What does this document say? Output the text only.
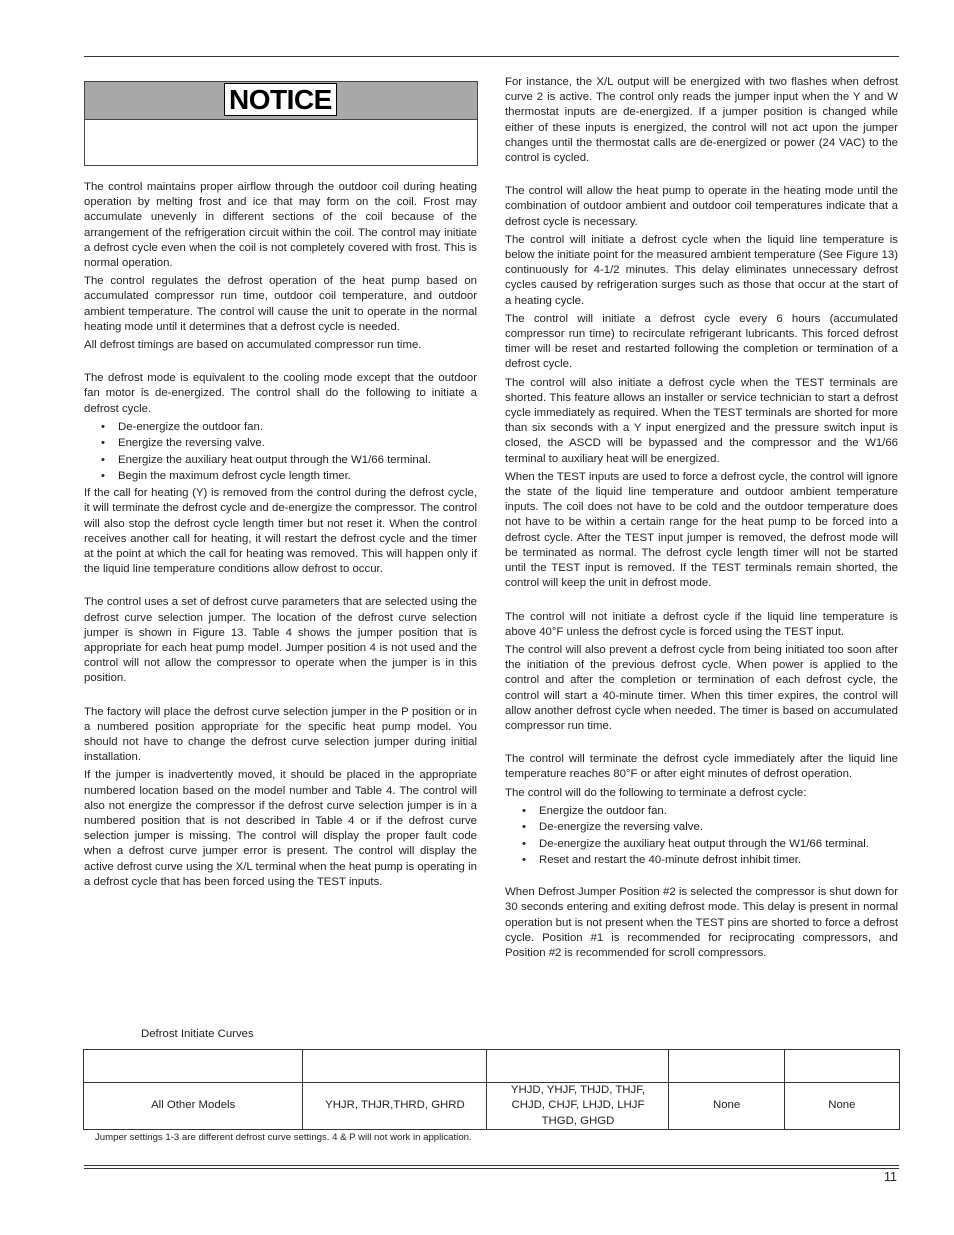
NOTICE

The control maintains proper airflow through the outdoor coil during heating operation by melting frost and ice that may form on the coil. Frost may accumulate unevenly in different sections of the coil because of the arrangement of the refrigeration circuit within the coil. The control may initiate a defrost cycle even when the coil is not completely covered with frost. This is normal operation.

The control regulates the defrost operation of the heat pump based on accumulated compressor run time, outdoor coil temperature, and outdoor ambient temperature. The control will cause the unit to operate in the normal heating mode until it determines that a defrost cycle is needed.

All defrost timings are based on accumulated compressor run time.

The defrost mode is equivalent to the cooling mode except that the outdoor fan motor is de-energized. The control shall do the following to initiate a defrost cycle.

• De-energize the outdoor fan.
• Energize the reversing valve.
• Energize the auxiliary heat output through the W1/66 terminal.
• Begin the maximum defrost cycle length timer.

If the call for heating (Y) is removed from the control during the defrost cycle, it will terminate the defrost cycle and de-energize the compressor. The control will also stop the defrost cycle length timer but not reset it. When the control receives another call for heating, it will restart the defrost cycle and the timer at the point at which the call for heating was removed. This will happen only if the liquid line temperature conditions allow defrost to occur.

The control uses a set of defrost curve parameters that are selected using the defrost curve selection jumper. The location of the defrost curve selection jumper is shown in Figure 13. Table 4 shows the jumper position that is appropriate for each heat pump model. Jumper position 4 is not used and the control will not allow the compressor to operate when the jumper is in this position.

The factory will place the defrost curve selection jumper in the P position or in a numbered position appropriate for the specific heat pump model. You should not have to change the defrost curve selection jumper during initial installation.

If the jumper is inadvertently moved, it should be placed in the appropriate numbered location based on the model number and Table 4. The control will also not energize the compressor if the defrost curve selection jumper is in a numbered position that is not described in Table 4 or if the defrost curve selection jumper is missing. The control will display the proper fault code when a defrost curve jumper error is present. The control will display the active defrost curve using the X/L terminal when the heat pump is operating in a defrost cycle that has been forced using the TEST inputs.

For instance, the X/L output will be energized with two flashes when defrost curve 2 is active. The control only reads the jumper input when the Y and W thermostat inputs are de-energized. If a jumper position is changed while either of these inputs is energized, the control will not act upon the jumper changes until the thermostat calls are de-energized or power (24 VAC) to the control is cycled.

The control will allow the heat pump to operate in the heating mode until the combination of outdoor ambient and outdoor coil temperatures indicate that a defrost cycle is necessary.

The control will initiate a defrost cycle when the liquid line temperature is below the initiate point for the measured ambient temperature (See Figure 13) continuously for 4-1/2 minutes. This delay eliminates unnecessary defrost cycles caused by refrigeration surges such as those that occur at the start of a heating cycle.

The control will initiate a defrost cycle every 6 hours (accumulated compressor run time) to recirculate refrigerant lubricants. This forced defrost timer will be reset and restarted following the completion or termination of a defrost cycle.

The control will also initiate a defrost cycle when the TEST terminals are shorted. This feature allows an installer or service technician to start a defrost cycle immediately as required. When the TEST terminals are shorted for more than six seconds with a Y input energized and the pressure switch input is closed, the ASCD will be bypassed and the compressor and the W1/66 terminal to auxiliary heat will be energized.

When the TEST inputs are used to force a defrost cycle, the control will ignore the state of the liquid line temperature and outdoor ambient temperature inputs. The coil does not have to be cold and the outdoor temperature does not have to be within a certain range for the heat pump to be forced into a defrost cycle. After the TEST input jumper is removed, the defrost mode will be terminated as normal. The defrost cycle length timer will not be started until the TEST input is removed. If the TEST terminals remain shorted, the control will keep the unit in defrost mode.

The control will not initiate a defrost cycle if the liquid line temperature is above 40°F unless the defrost cycle is forced using the TEST input.

The control will also prevent a defrost cycle from being initiated too soon after the initiation of the previous defrost cycle. When power is applied to the control and after the completion or termination of each defrost cycle, the control will start a 40-minute timer. When this timer expires, the control will allow another defrost cycle when needed. The timer is based on accumulated compressor run time.

The control will terminate the defrost cycle immediately after the liquid line temperature reaches 80°F or after eight minutes of defrost operation.

The control will do the following to terminate a defrost cycle:

• Energize the outdoor fan.
• De-energize the reversing valve.
• De-energize the auxiliary heat output through the W1/66 terminal.
• Reset and restart the 40-minute defrost inhibit timer.

When Defrost Jumper Position #2 is selected the compressor is shut down for 30 seconds entering and exiting defrost mode. This delay is present in normal operation but is not present when the TEST pins are shorted to force a defrost cycle. Position #1 is recommended for reciprocating compressors, and Position #2 is recommended for scroll compressors.

Defrost Initiate Curves

All Other Models	YHJR, THJR,THRD, GHRD	YHJD, YHJF, THJD, THJF,
CHJD, CHJF, LHJD, LHJF
THGD, GHGD	None	None
Jumper settings 1-3 are different defrost curve settings. 4 & P will not work in application.
11
